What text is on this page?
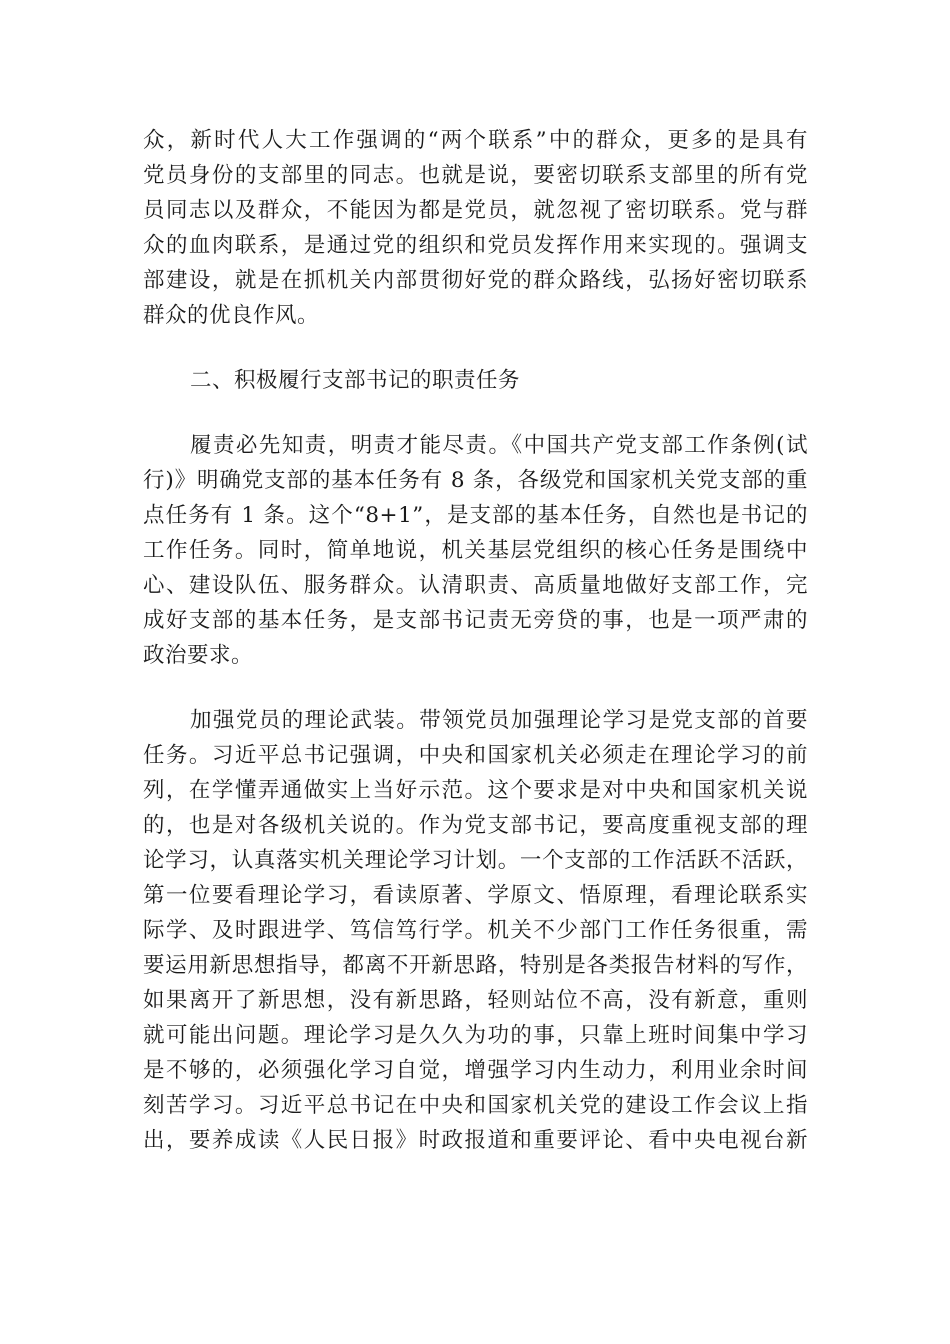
众，新时代人大工作强调的“两个联系”中的群众，更多的是具有
党员身份的支部里的同志。也就是说，要密切联系支部里的所有党
员同志以及群众，不能因为都是党员，就忽视了密切联系。党与群
众的血肉联系，是通过党的组织和党员发挥作用来实现的。强调支
部建设，就是在抓机关内部贯彻好党的群众路线，弘扬好密切联系
群众的优良作风。
二、积极履行支部书记的职责任务
履责必先知责，明责才能尽责。《中国共产党支部工作条例(试
行)》明确党支部的基本任务有 8 条，各级党和国家机关党支部的重
点任务有 1 条。这个“8+1”，是支部的基本任务，自然也是书记的
工作任务。同时，简单地说，机关基层党组织的核心任务是围绕中
心、建设队伍、服务群众。认清职责、高质量地做好支部工作，完
成好支部的基本任务，是支部书记责无旁贷的事，也是一项严肃的
政治要求。
加强党员的理论武装。带领党员加强理论学习是党支部的首要
任务。习近平总书记强调，中央和国家机关必须走在理论学习的前
列，在学懂弄通做实上当好示范。这个要求是对中央和国家机关说
的，也是对各级机关说的。作为党支部书记，要高度重视支部的理
论学习，认真落实机关理论学习计划。一个支部的工作活跃不活跃，
第一位要看理论学习，看读原著、学原文、悟原理，看理论联系实
际学、及时跟进学、笃信笃行学。机关不少部门工作任务很重，需
要运用新思想指导，都离不开新思路，特别是各类报告材料的写作，
如果离开了新思想，没有新思路，轻则站位不高，没有新意，重则
就可能出问题。理论学习是久久为功的事，只靠上班时间集中学习
是不够的，必须强化学习自觉，增强学习内生动力，利用业余时间
刻苦学习。习近平总书记在中央和国家机关党的建设工作会议上指
出，要养成读《人民日报》时政报道和重要评论、看中央电视台新
